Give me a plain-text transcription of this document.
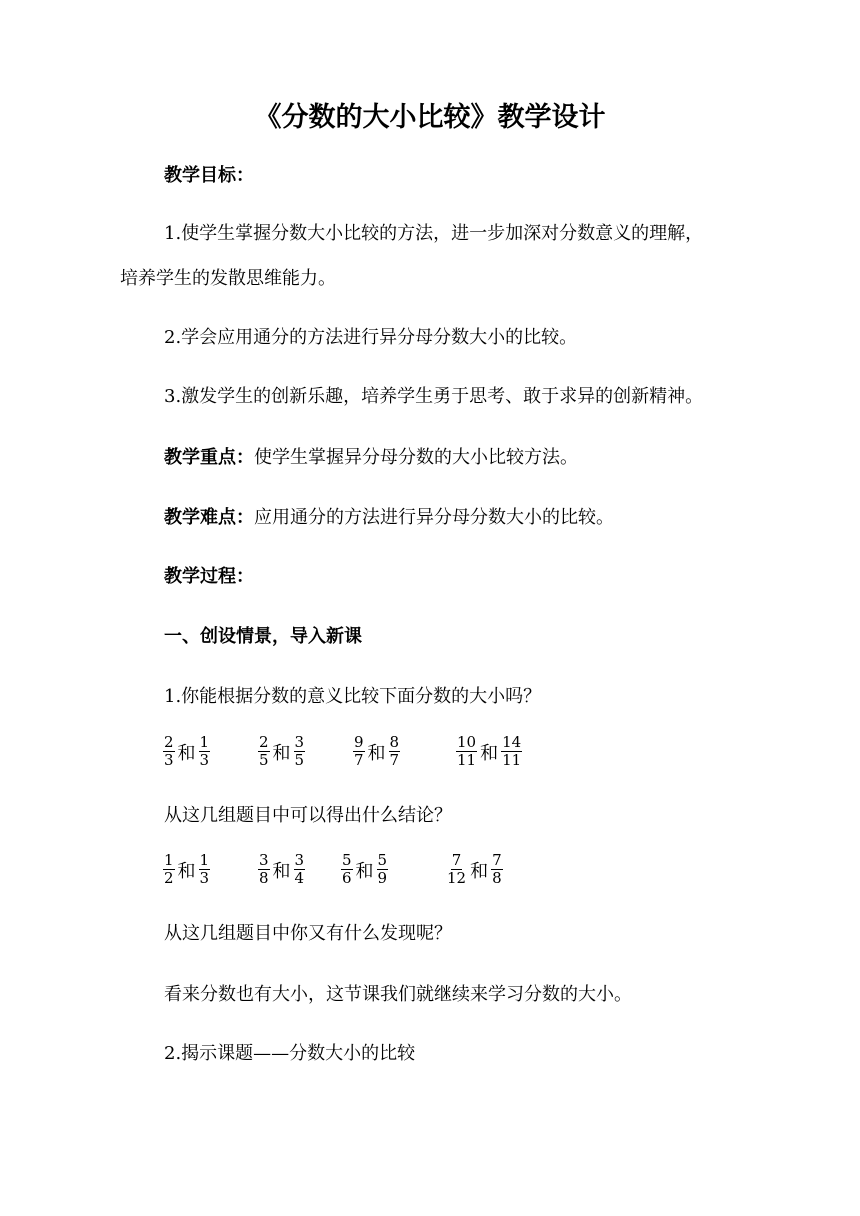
《分数的大小比较》教学设计
教学目标：
1.使学生掌握分数大小比较的方法，进一步加深对分数意义的理解，
培养学生的发散思维能力。
2.学会应用通分的方法进行异分母分数大小的比较。
3.激发学生的创新乐趣，培养学生勇于思考、敢于求异的创新精神。
教学重点：使学生掌握异分母分数的大小比较方法。
教学难点：应用通分的方法进行异分母分数大小的比较。
教学过程：
一、创设情景，导入新课
1.你能根据分数的意义比较下面分数的大小吗？
$\frac{2}{3}$ 和 $\frac{1}{3}$	$\frac{2}{5}$ 和 $\frac{3}{5}$	$\frac{9}{7}$ 和 $\frac{8}{7}$	$\frac{10}{11}$ 和 $\frac{14}{11}$
从这几组题目中可以得出什么结论？
$\frac{1}{2}$ 和 $\frac{1}{3}$	$\frac{3}{8}$ 和 $\frac{3}{4} \frac{5}{6}$ 和 $\frac{5}{9}$	$\frac{7}{12}$ 和 $\frac{7}{8}$
从这几组题目中你又有什么发现呢？
看来分数也有大小，这节课我们就继续来学习分数的大小。
2.揭示课题——分数大小的比较
